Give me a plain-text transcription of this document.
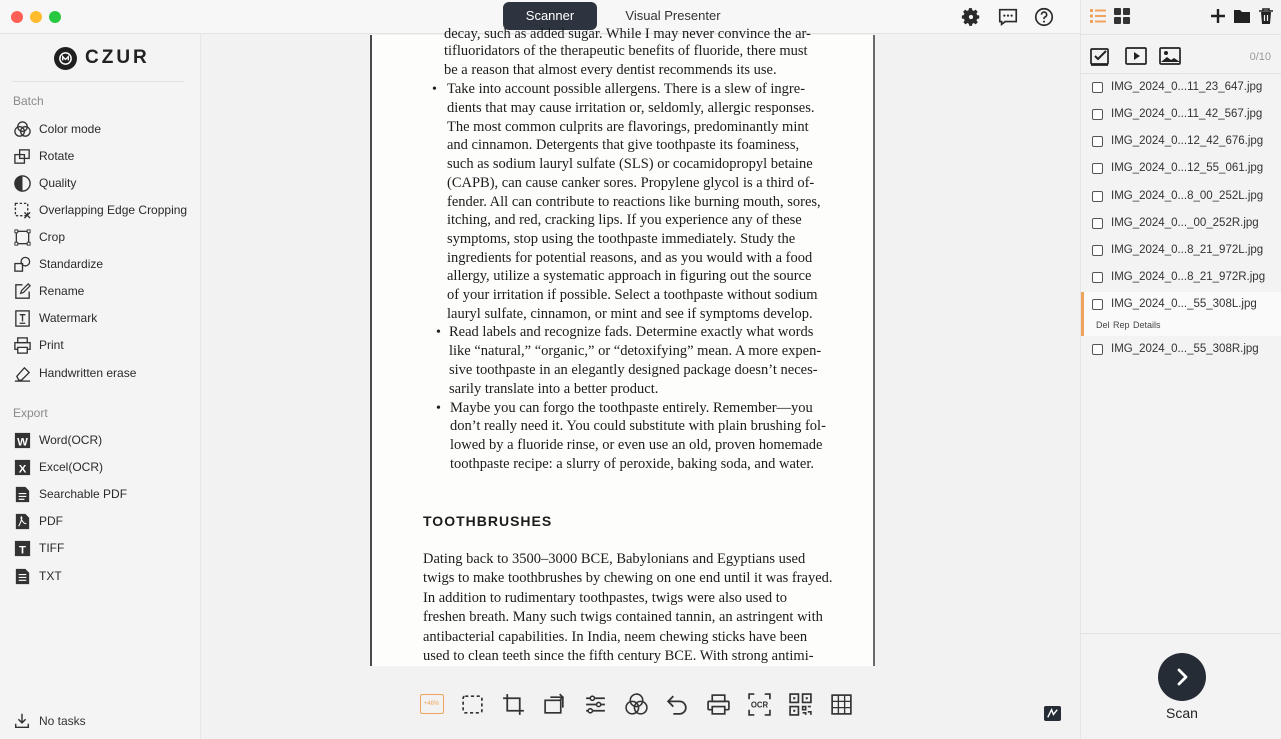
Scanner	Visual Presenter
CZUR
Batch
Color mode
Rotate
Quality
Overlapping Edge Cropping
Crop
Standardize
Rename
Watermark
Print
Handwritten erase
Export
W Word(OCR)
X Excel(OCR)
Searchable PDF
PDF
T TIFF
TXT
No tasks
decay, such as added sugar. While I may never convince the ar-
tifluoridators of the therapeutic benefits of fluoride, there must
be a reason that almost every dentist recommends its use.
• Take into account possible allergens. There is a slew of ingre-
dients that may cause irritation or, seldomly, allergic responses.
The most common culprits are flavorings, predominantly mint
and cinnamon. Detergents that give toothpaste its foaminess,
such as sodium lauryl sulfate (SLS) or cocamidopropyl betaine
(CAPB), can cause canker sores. Propylene glycol is a third of-
fender. All can contribute to reactions like burning mouth, sores,
itching, and red, cracking lips. If you experience any of these
symptoms, stop using the toothpaste immediately. Study the
ingredients for potential reasons, and as you would with a food
allergy, utilize a systematic approach in figuring out the source
of your irritation if possible. Select a toothpaste without sodium
lauryl sulfate, cinnamon, or mint and see if symptoms develop.
• Read labels and recognize fads. Determine exactly what words
like “natural,” “organic,” or “detoxifying” mean. A more expen-
sive toothpaste in an elegantly designed package doesn’t neces-
sarily translate into a better product.
• Maybe you can forgo the toothpaste entirely. Remember—you
don’t really need it. You could substitute with plain brushing fol-
lowed by a fluoride rinse, or even use an old, proven homemade
toothpaste recipe: a slurry of peroxide, baking soda, and water.
TOOTHBRUSHES
Dating back to 3500–3000 BCE, Babylonians and Egyptians used
twigs to make toothbrushes by chewing on one end until it was frayed.
In addition to rudimentary toothpastes, twigs were also used to
freshen breath. Many such twigs contained tannin, an astringent with
antibacterial capabilities. In India, neem chewing sticks have been
used to clean teeth since the fifth century BCE. With strong antimi-
+46%	OCR
0/10
IMG_2024_0...11_23_647.jpg
IMG_2024_0...11_42_567.jpg
IMG_2024_0...12_42_676.jpg
IMG_2024_0...12_55_061.jpg
IMG_2024_0...8_00_252L.jpg
IMG_2024_0..._00_252R.jpg
IMG_2024_0...8_21_972L.jpg
IMG_2024_0...8_21_972R.jpg
IMG_2024_0..._55_308L.jpg
Del Rep Details
IMG_2024_0..._55_308R.jpg
Scan
